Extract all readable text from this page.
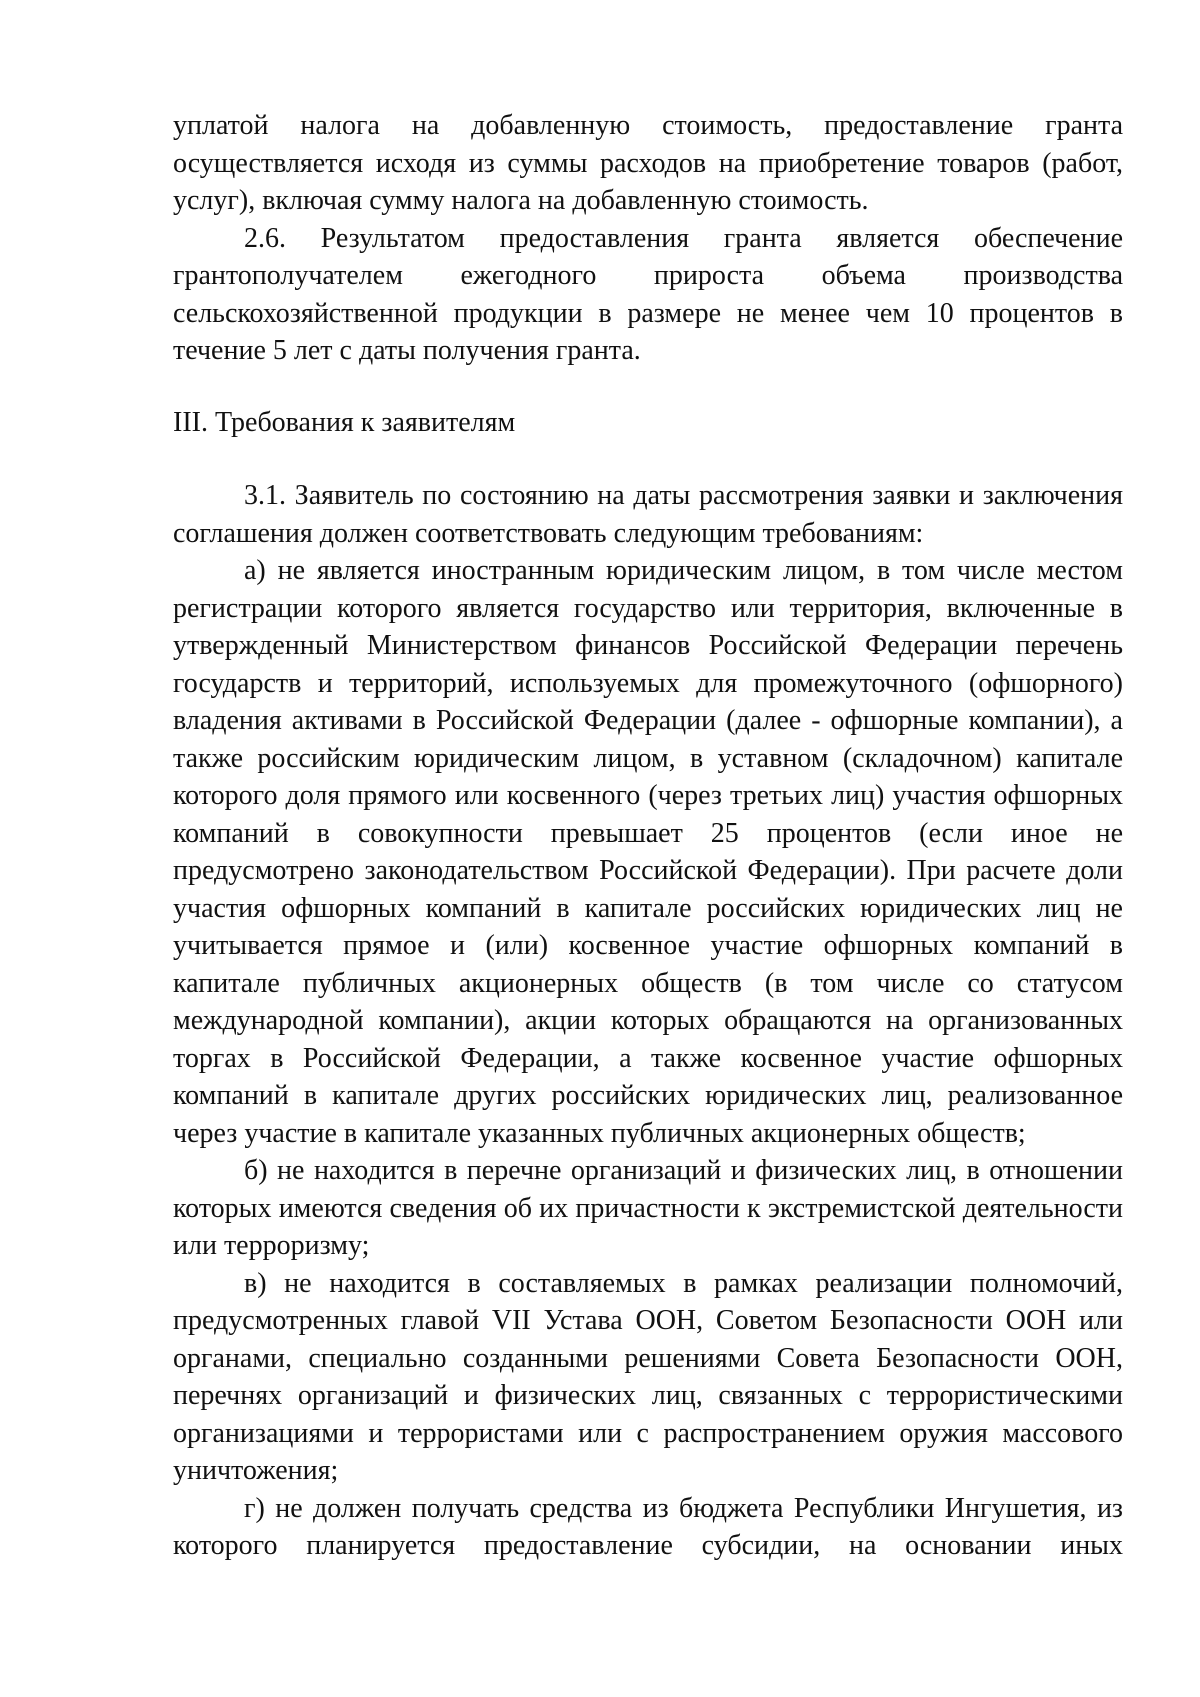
уплатой налога на добавленную стоимость, предоставление гранта осуществляется исходя из суммы расходов на приобретение товаров (работ, услуг), включая сумму налога на добавленную стоимость.

2.6. Результатом предоставления гранта является обеспечение грантополучателем ежегодного прироста объема производства сельскохозяйственной продукции в размере не менее чем 10 процентов в течение 5 лет с даты получения гранта.

III. Требования к заявителям

3.1. Заявитель по состоянию на даты рассмотрения заявки и заключения соглашения должен соответствовать следующим требованиям:

а) не является иностранным юридическим лицом, в том числе местом регистрации которого является государство или территория, включенные в утвержденный Министерством финансов Российской Федерации перечень государств и территорий, используемых для промежуточного (офшорного) владения активами в Российской Федерации (далее - офшорные компании), а также российским юридическим лицом, в уставном (складочном) капитале которого доля прямого или косвенного (через третьих лиц) участия офшорных компаний в совокупности превышает 25 процентов (если иное не предусмотрено законодательством Российской Федерации). При расчете доли участия офшорных компаний в капитале российских юридических лиц не учитывается прямое и (или) косвенное участие офшорных компаний в капитале публичных акционерных обществ (в том числе со статусом международной компании), акции которых обращаются на организованных торгах в Российской Федерации, а также косвенное участие офшорных компаний в капитале других российских юридических лиц, реализованное через участие в капитале указанных публичных акционерных обществ;

б) не находится в перечне организаций и физических лиц, в отношении которых имеются сведения об их причастности к экстремистской деятельности или терроризму;

в) не находится в составляемых в рамках реализации полномочий, предусмотренных главой VII Устава ООН, Советом Безопасности ООН или органами, специально созданными решениями Совета Безопасности ООН, перечнях организаций и физических лиц, связанных с террористическими организациями и террористами или с распространением оружия массового уничтожения;

г) не должен получать средства из бюджета Республики Ингушетия, из которого планируется предоставление субсидии, на основании иных
